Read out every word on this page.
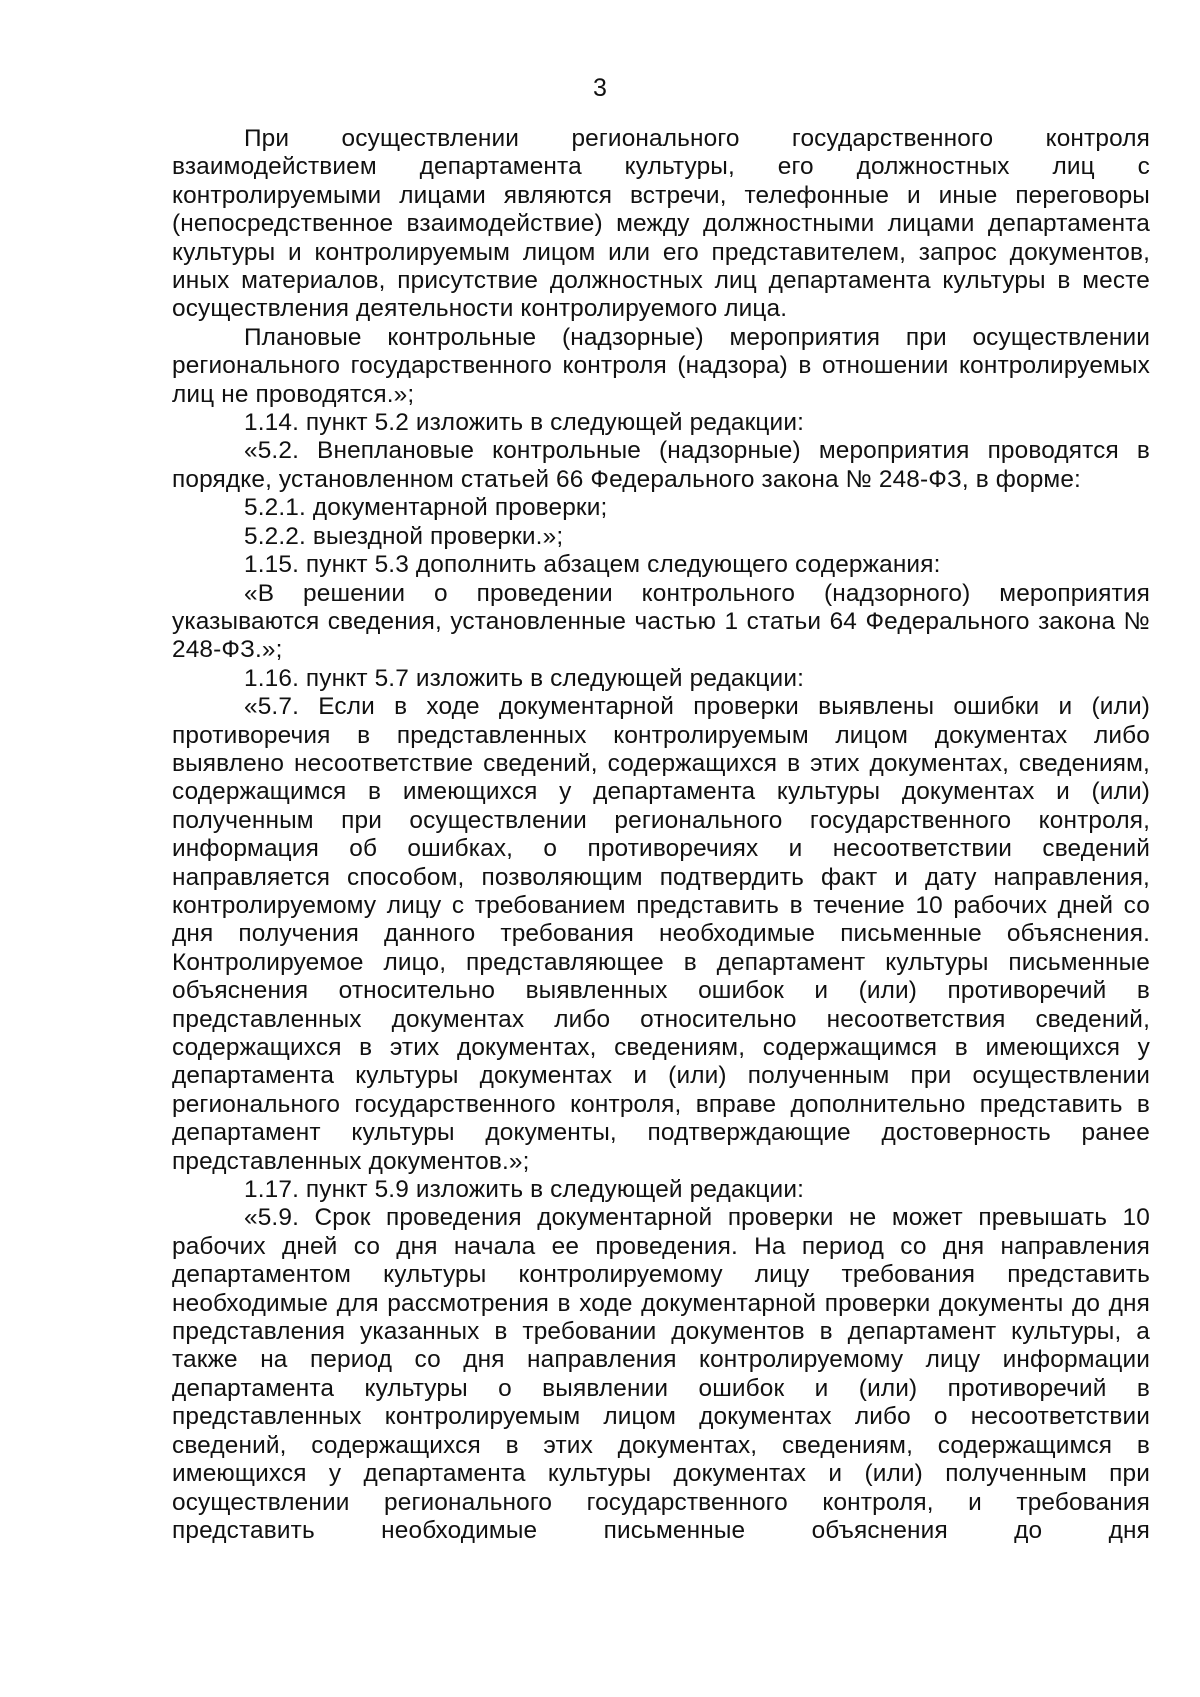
3

При осуществлении регионального государственного контроля взаимодействием департамента культуры, его должностных лиц с контролируемыми лицами являются встречи, телефонные и иные переговоры (непосредственное взаимодействие) между должностными лицами департамента культуры и контролируемым лицом или его представителем, запрос документов, иных материалов, присутствие должностных лиц департамента культуры в месте осуществления деятельности контролируемого лица.

Плановые контрольные (надзорные) мероприятия при осуществлении регионального государственного контроля (надзора) в отношении контролируемых лиц не проводятся.»;

1.14. пункт 5.2 изложить в следующей редакции:

«5.2. Внеплановые контрольные (надзорные) мероприятия проводятся в порядке, установленном статьей 66 Федерального закона № 248-ФЗ, в форме:

5.2.1. документарной проверки;

5.2.2. выездной проверки.»;

1.15. пункт 5.3 дополнить абзацем следующего содержания:

«В решении о проведении контрольного (надзорного) мероприятия указываются сведения, установленные частью 1 статьи 64 Федерального закона № 248-ФЗ.»;

1.16. пункт 5.7 изложить в следующей редакции:

«5.7. Если в ходе документарной проверки выявлены ошибки и (или) противоречия в представленных контролируемым лицом документах либо выявлено несоответствие сведений, содержащихся в этих документах, сведениям, содержащимся в имеющихся у департамента культуры документах и (или) полученным при осуществлении регионального государственного контроля, информация об ошибках, о противоречиях и несоответствии сведений направляется способом, позволяющим подтвердить факт и дату направления, контролируемому лицу с требованием представить в течение 10 рабочих дней со дня получения данного требования необходимые письменные объяснения. Контролируемое лицо, представляющее в департамент культуры письменные объяснения относительно выявленных ошибок и (или) противоречий в представленных документах либо относительно несоответствия сведений, содержащихся в этих документах, сведениям, содержащимся в имеющихся у департамента культуры документах и (или) полученным при осуществлении регионального государственного контроля, вправе дополнительно представить в департамент культуры документы, подтверждающие достоверность ранее представленных документов.»;

1.17. пункт 5.9 изложить в следующей редакции:

«5.9. Срок проведения документарной проверки не может превышать 10 рабочих дней со дня начала ее проведения. На период со дня направления департаментом культуры контролируемому лицу требования представить необходимые для рассмотрения в ходе документарной проверки документы до дня представления указанных в требовании документов в департамент культуры, а также на период со дня направления контролируемому лицу информации департамента культуры о выявлении ошибок и (или) противоречий в представленных контролируемым лицом документах либо о несоответствии сведений, содержащихся в этих документах, сведениям, содержащимся в имеющихся у департамента культуры документах и (или) полученным при осуществлении регионального государственного контроля, и требования представить необходимые письменные объяснения до дня
